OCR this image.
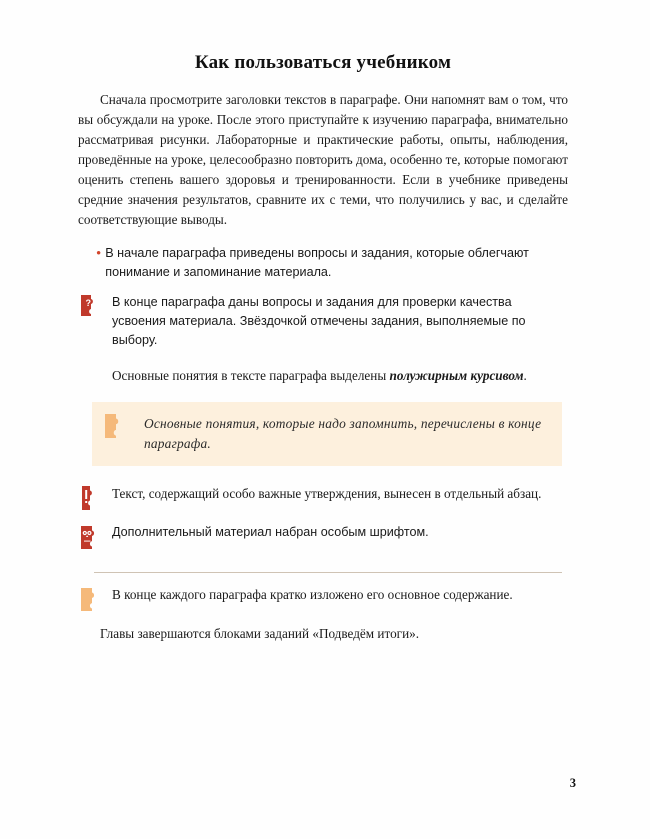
Как пользоваться учебником

Сначала просмотрите заголовки текстов в параграфе. Они напомнят вам о том, что вы обсуждали на уроке. После этого приступайте к изучению параграфа, внимательно рассматривая рисунки. Лабораторные и практические работы, опыты, наблюдения, проведённые на уроке, целесообразно повторить дома, особенно те, которые помогают оценить степень вашего здоровья и тренированности. Если в учебнике приведены средние значения результатов, сравните их с теми, что получились у вас, и сделайте соответствующие выводы.

• В начале параграфа приведены вопросы и задания, которые облегчают понимание и запоминание материала.
? В конце параграфа даны вопросы и задания для проверки качества усвоения материала. Звёздочкой отмечены задания, выполняемые по выбору.

Основные понятия в тексте параграфа выделены полужирным курсивом.

Основные понятия, которые надо запомнить, перечислены в конце параграфа.
Текст, содержащий особо важные утверждения, вынесен в отдельный абзац.
Дополнительный материал набран особым шрифтом.
В конце каждого параграфа кратко изложено его основное содержание.

Главы завершаются блоками заданий «Подведём итоги».

3
